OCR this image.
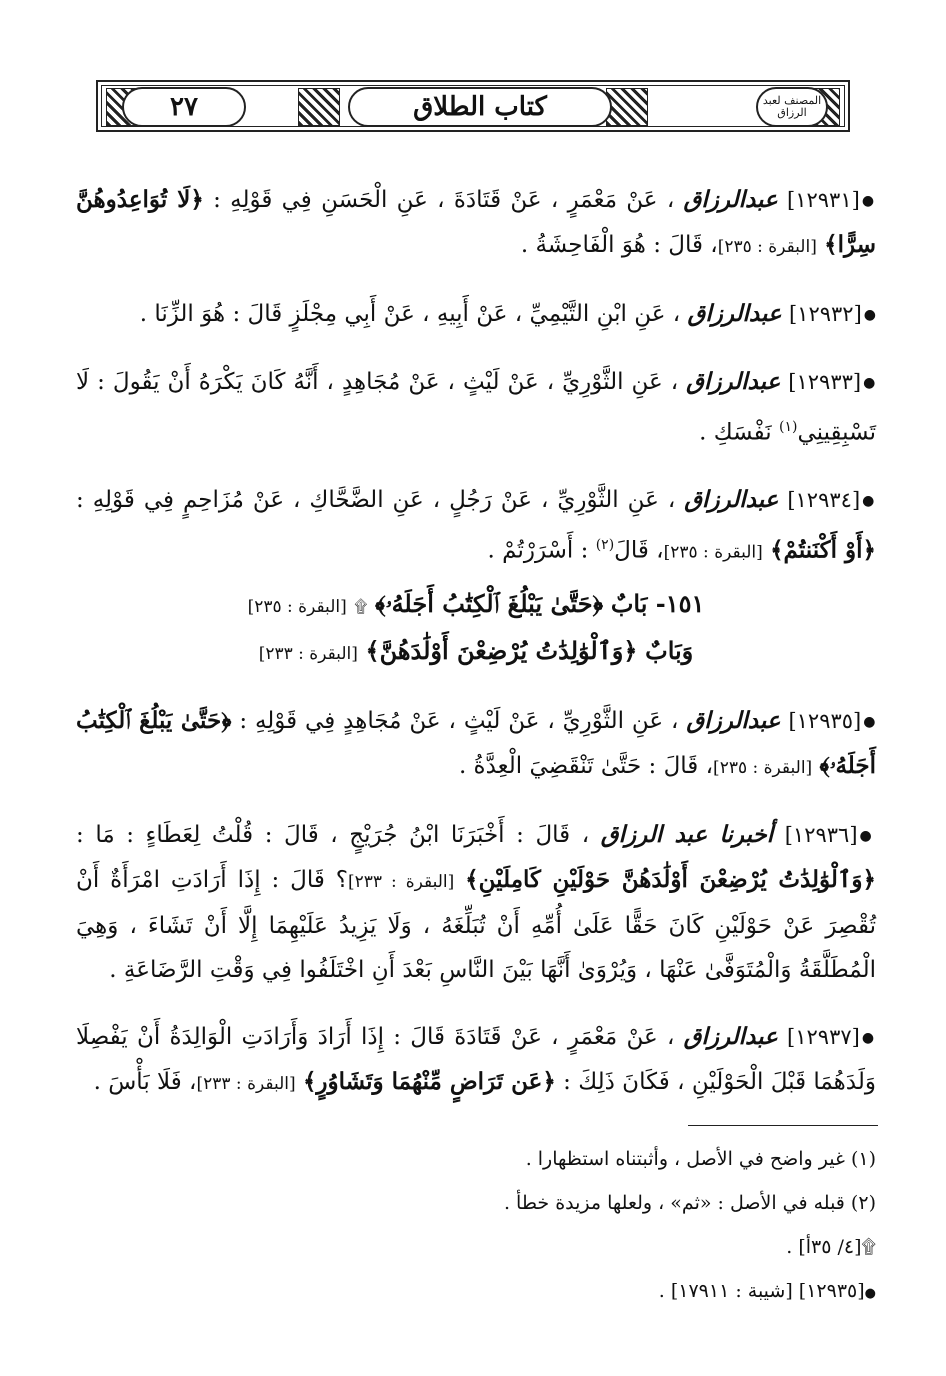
٢٧	كتاب الطلاق	المصنف لعبد الرزاق

●[١٢٩٣١] عبدالرزاق ، عَنْ مَعْمَرٍ ، عَنْ قَتَادَةَ ، عَنِ الْحَسَنِ فِي قَوْلِهِ : ﴿لَا تُوَاعِدُوهُنَّ سِرًّا﴾ [البقرة : ٢٣٥]، قَالَ : هُوَ الْفَاحِشَةُ .

●[١٢٩٣٢] عبدالرزاق ، عَنِ ابْنِ التَّيْمِيِّ ، عَنْ أَبِيهِ ، عَنْ أَبِي مِجْلَزٍ قَالَ : هُوَ الزِّنَا .

●[١٢٩٣٣] عبدالرزاق ، عَنِ الثَّوْرِيِّ ، عَنْ لَيْثٍ ، عَنْ مُجَاهِدٍ ، أَنَّهُ كَانَ يَكْرَهُ أَنْ يَقُولَ : لَا تَسْبِقِينِي$^{(١)}$ نَفْسَكِ .

●[١٢٩٣٤] عبدالرزاق ، عَنِ الثَّوْرِيِّ ، عَنْ رَجُلٍ ، عَنِ الضَّحَّاكِ ، عَنْ مُزَاحِمٍ فِي قَوْلِهِ : ﴿أَوْ أَكْنَنتُمْ﴾ [البقرة : ٢٣٥]، قَالَ$^{(٢)}$ : أَسْرَرْتُمْ .

١٥١- بَابٌ ﴿حَتَّىٰ يَبْلُغَ ٱلْكِتَٰبُ أَجَلَهُۥ﴾ ۩ [البقرة : ٢٣٥]
وَبَابٌ ﴿وَٱلْوَٰلِدَٰتُ يُرْضِعْنَ أَوْلَٰدَهُنَّ﴾ [البقرة : ٢٣٣]

●[١٢٩٣٥] عبدالرزاق ، عَنِ الثَّوْرِيِّ ، عَنْ لَيْثٍ ، عَنْ مُجَاهِدٍ فِي قَوْلِهِ : ﴿حَتَّىٰ يَبْلُغَ ٱلْكِتَٰبُ أَجَلَهُۥ﴾ [البقرة : ٢٣٥]، قَالَ : حَتَّىٰ تَنْقَضِيَ الْعِدَّةُ .

●[١٢٩٣٦] أخبرنا عبد الرزاق ، قَالَ : أَخْبَرَنَا ابْنُ جُرَيْجٍ ، قَالَ : قُلْتُ لِعَطَاءٍ : مَا : ﴿وَٱلْوَٰلِدَٰتُ يُرْضِعْنَ أَوْلَٰدَهُنَّ حَوْلَيْنِ كَامِلَيْنِ﴾ [البقرة : ٢٣٣]؟ قَالَ : إِذَا أَرَادَتِ امْرَأَةٌ أَنْ تُقْصِرَ عَنْ حَوْلَيْنِ كَانَ حَقًّا عَلَىٰ أُمِّهِ أَنْ تُبَلِّغَهُ ، وَلَا يَزِيدُ عَلَيْهِمَا إِلَّا أَنْ تَشَاءَ ، وَهِيَ الْمُطَلَّقَةُ وَالْمُتَوَفَّىٰ عَنْهَا ، وَيُرْوَىٰ أَنَّهَا بَيْنَ النَّاسِ بَعْدَ أَنِ اخْتَلَفُوا فِي وَقْتِ الرَّضَاعَةِ .

●[١٢٩٣٧] عبدالرزاق ، عَنْ مَعْمَرٍ ، عَنْ قَتَادَةَ قَالَ : إِذَا أَرَادَ وَأَرَادَتِ الْوَالِدَةُ أَنْ يَفْصِلَا وَلَدَهُمَا قَبْلَ الْحَوْلَيْنِ ، فَكَانَ ذَلِكَ : ﴿عَن تَرَاضٍ مِّنْهُمَا وَتَشَاوُرٍ﴾ [البقرة : ٢٣٣]، فَلَا بَأْسَ .

(١) غير واضح في الأصل ، وأثبتناه استظهارا .

(٢) قبله في الأصل : «ثم» ، ولعلها مزيدة خطأ .

۩[٤/ ٣٥أ] .

●[١٢٩٣٥] [شيبة : ١٧٩١١] .
